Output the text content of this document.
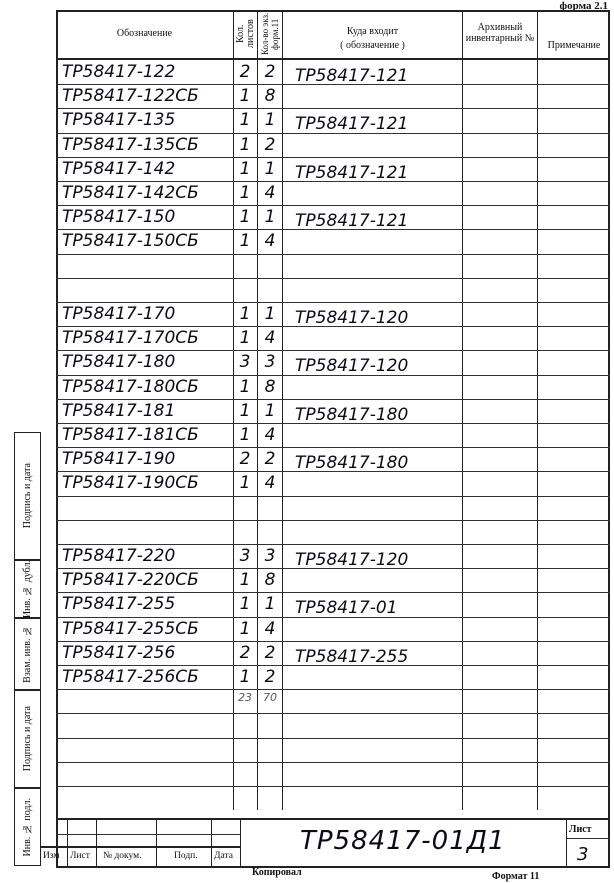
форма 2.1
Обозначение	Кол. листов Кол-во экз. форм.11	Куда входит
( обозначение )
Архивный инвентарный №
Примечание
ТР58417-122	2 2 ТР58417-121
ТР58417-122СБ	1 8
ТР58417-135	1 1 ТР58417-121
ТР58417-135СБ	1 2
ТР58417-142	1 1 ТР58417-121
ТР58417-142СБ	1 4
ТР58417-150	1 1 ТР58417-121
ТР58417-150СБ	1 4
ТР58417-170	1 1 ТР58417-120
ТР58417-170СБ	1 4
ТР58417-180	3 3 ТР58417-120
ТР58417-180СБ	1 8
ТР58417-181	1 1 ТР58417-180
ТР58417-181СБ	1 4
ТР58417-190	2 2 ТР58417-180
ТР58417-190СБ	1 4
ТР58417-220	3 3 ТР58417-120
ТР58417-220СБ	1 8
ТР58417-255	1 1 ТР58417-01
ТР58417-255СБ	1 4
ТР58417-256	2 2 ТР58417-255
ТР58417-256СБ	1 2
23 70
Подпись и дата
Инв. № дубл.
Взам. инв. №
Подпись и дата
Инв. № подл. Изм Лист № докум.	Подп. Дата	ТР58417-01Д1	Лист
3
Копировал	Формат 11
